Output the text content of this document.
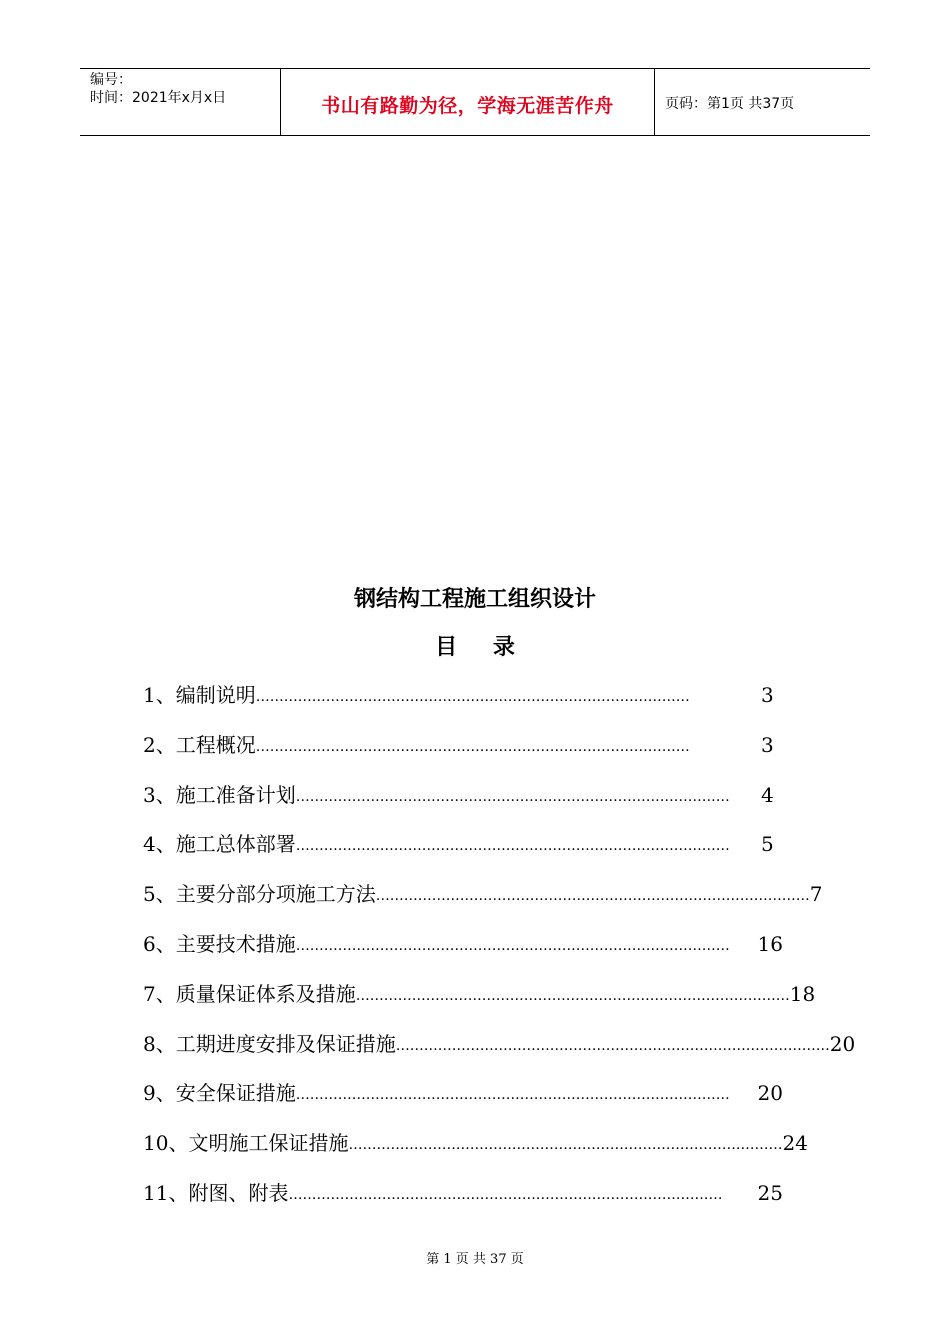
编号：
时间：2021年x月x日	书山有路勤为径，学海无涯苦作舟	页码：第1页 共37页
钢结构工程施工组织设计
目 录
1、编制说明 …………………………………………………………………………………	3
2、工程概况 …………………………………………………………………………………	3
3、施工准备计划 …………………………………………………………………………………	4
4、施工总体部署 …………………………………………………………………………………	5
5、主要分部分项施工方法 ………………………………………………………………………………… 7
6、主要技术措施 …………………………………………………………………………………	16
7、质量保证体系及措施 ………………………………………………………………………………… 18
8、工期进度安排及保证措施 ………………………………………………………………………………… 20
9、安全保证措施 …………………………………………………………………………………	20
10、文明施工保证措施 ………………………………………………………………………………… 24
11、附图、附表 …………………………………………………………………………………	25
第 1 页 共 37 页
